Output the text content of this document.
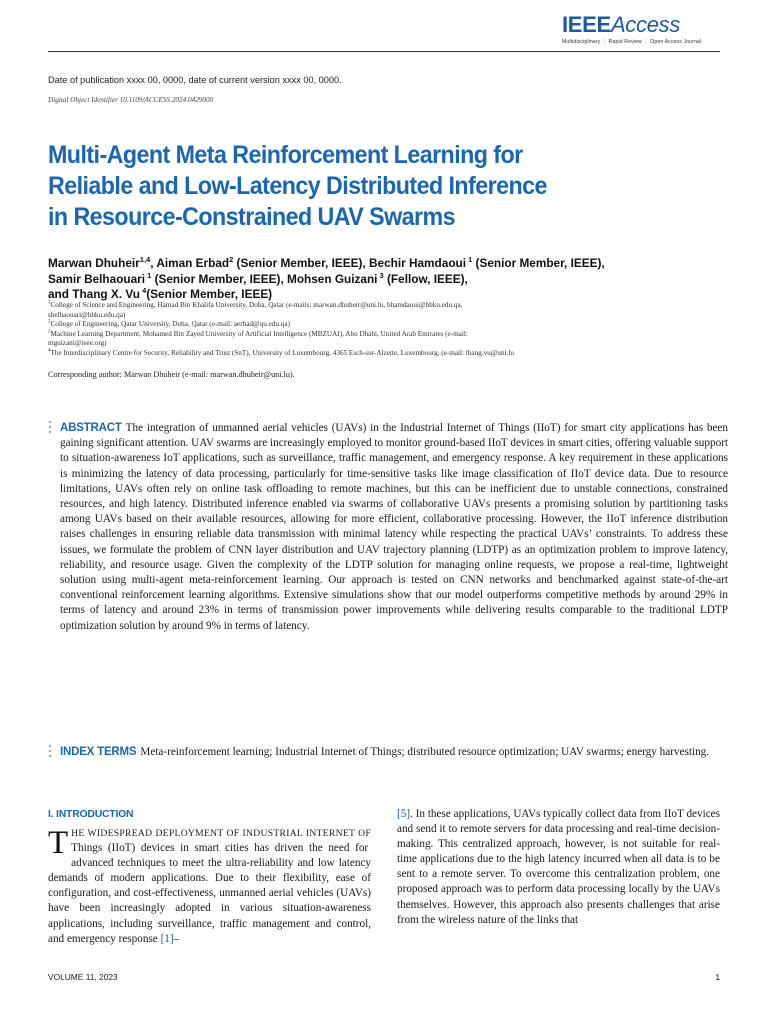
IEEEAccess
Multidisciplinary ⋮ Rapid Review ⋮ Open Access Journal
Date of publication xxxx 00, 0000, date of current version xxxx 00, 0000.
Digital Object Identifier 10.1109/ACCESS.2024.0429000
Multi-Agent Meta Reinforcement Learning for
Reliable and Low-Latency Distributed Inference
in Resource-Constrained UAV Swarms
Marwan Dhuheir$^{1,4}$, Aiman Erbad$^2$ (Senior Member, IEEE), Bechir Hamdaoui $^1$ (Senior Member, IEEE), Samir Belhaouari $^1$ (Senior Member, IEEE), Mohsen Guizani $^3$ (Fellow, IEEE),
and Thang X. Vu $^4$(Senior Member, IEEE)
$^1$College of Science and Engineering, Hamad Bin Khalifa University, Doha, Qatar (e-mails: marwan.dhuheir@uni.lu, bhamdaoui@hbku.edu.qa,
sbelhaouari@hbku.edu.qa)
$^2$College of Engineering, Qatar University, Doha, Qatar (e-mail: aerbad@qu.edu.qa)
$^3$Machine Learning Department, Mohamed Bin Zayed University of Artificial Intelligence (MBZUAI), Abu Dhabi, United Arab Emirates (e-mail:
mguizani@ieee.org)
$^4$The Interdisciplinary Centre for Security, Reliability and Trust (SnT), University of Luxembourg, 4365 Esch-sur-Alzette, Luxembourg, (e-mail: thang.vu@uni.lu
Corresponding author: Marwan Dhuheir (e-mail: marwan.dhuheir@uni.lu).
ABSTRACT The integration of unmanned aerial vehicles (UAVs) in the Industrial Internet of Things (IIoT) for smart city applications has been gaining significant attention. UAV swarms are increasingly employed to monitor ground-based IIoT devices in smart cities, offering valuable support to situation-awareness IoT applications, such as surveillance, traffic management, and emergency response. A key requirement in these applications is minimizing the latency of data processing, particularly for time-sensitive tasks like image classification of IIoT device data. Due to resource limitations, UAVs often rely on online task offloading to remote machines, but this can be inefficient due to unstable connections, constrained resources, and high latency. Distributed inference enabled via swarms of collaborative UAVs presents a promising solution by partitioning tasks among UAVs based on their available resources, allowing for more efficient, collaborative processing. However, the IIoT inference distribution raises challenges in ensuring reliable data transmission with minimal latency while respecting the practical UAVs’ constraints. To address these issues, we formulate the problem of CNN layer distribution and UAV trajectory planning (LDTP) as an optimization problem to improve latency, reliability, and resource usage. Given the complexity of the LDTP solution for managing online requests, we propose a real-time, lightweight solution using multi-agent meta-reinforcement learning. Our approach is tested on CNN networks and benchmarked against state-of-the-art conventional reinforcement learning algorithms. Extensive simulations show that our model outperforms competitive methods by around 29% in terms of latency and around 23% in terms of transmission power improvements while delivering results comparable to the traditional LDTP optimization solution by around 9% in terms of latency.
INDEX TERMS Meta-reinforcement learning; Industrial Internet of Things; distributed resource optimization; UAV swarms; energy harvesting.
I. INTRODUCTION
THE WIDESPREAD DEPLOYMENT OF INDUSTRIAL INTERNET OF Things (IIoT) devices in smart cities has driven the need for advanced techniques to meet the ultra-reliability and low latency demands of modern applications. Due to their flexibility, ease of configuration, and cost-effectiveness, unmanned aerial vehicles (UAVs) have been increasingly adopted in various situation-awareness applications, including surveillance, traffic management and control, and emergency response [1]–
[5]. In these applications, UAVs typically collect data from IIoT devices and send it to remote servers for data processing and real-time decision-making. This centralized approach, however, is not suitable for real-time applications due to the high latency incurred when all data is to be sent to a remote server. To overcome this centralization problem, one proposed approach was to perform data processing locally by the UAVs themselves. However, this approach also presents challenges that arise from the wireless nature of the links that
VOLUME 11, 2023	1
